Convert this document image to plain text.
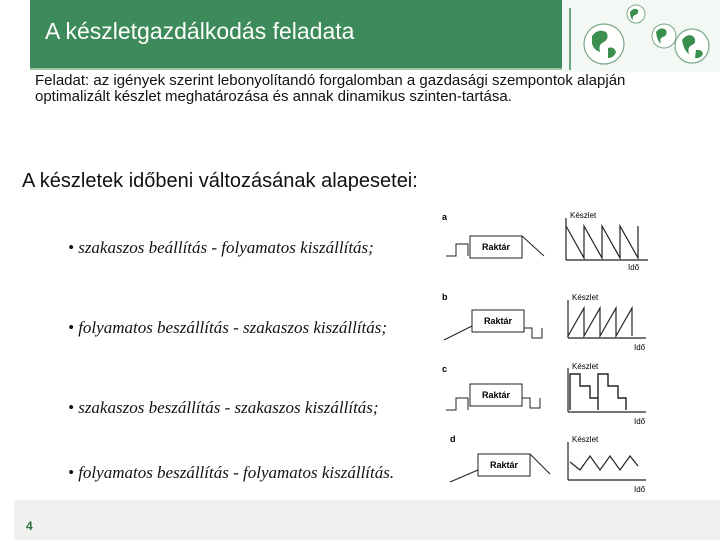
A készletgazdálkodás feladata
Feladat: az igények szerint lebonyolítandó forgalomban a gazdasági szempontok alapján optimalizált készlet meghatározása és annak dinamikus szinten-tartása.
A készletek időbeni változásának alapesetei:
• szakaszos beállítás - folyamatos kiszállítás;
a
Raktár
Készlet
Idő
• folyamatos beszállítás - szakaszos kiszállítás;
b
Raktár
Készlet
Idő
• szakaszos beszállítás - szakaszos kiszállítás;
c
Raktár
Készlet
Idő
• folyamatos beszállítás - folyamatos kiszállítás.
d
Raktár
Készlet
Idő
4
